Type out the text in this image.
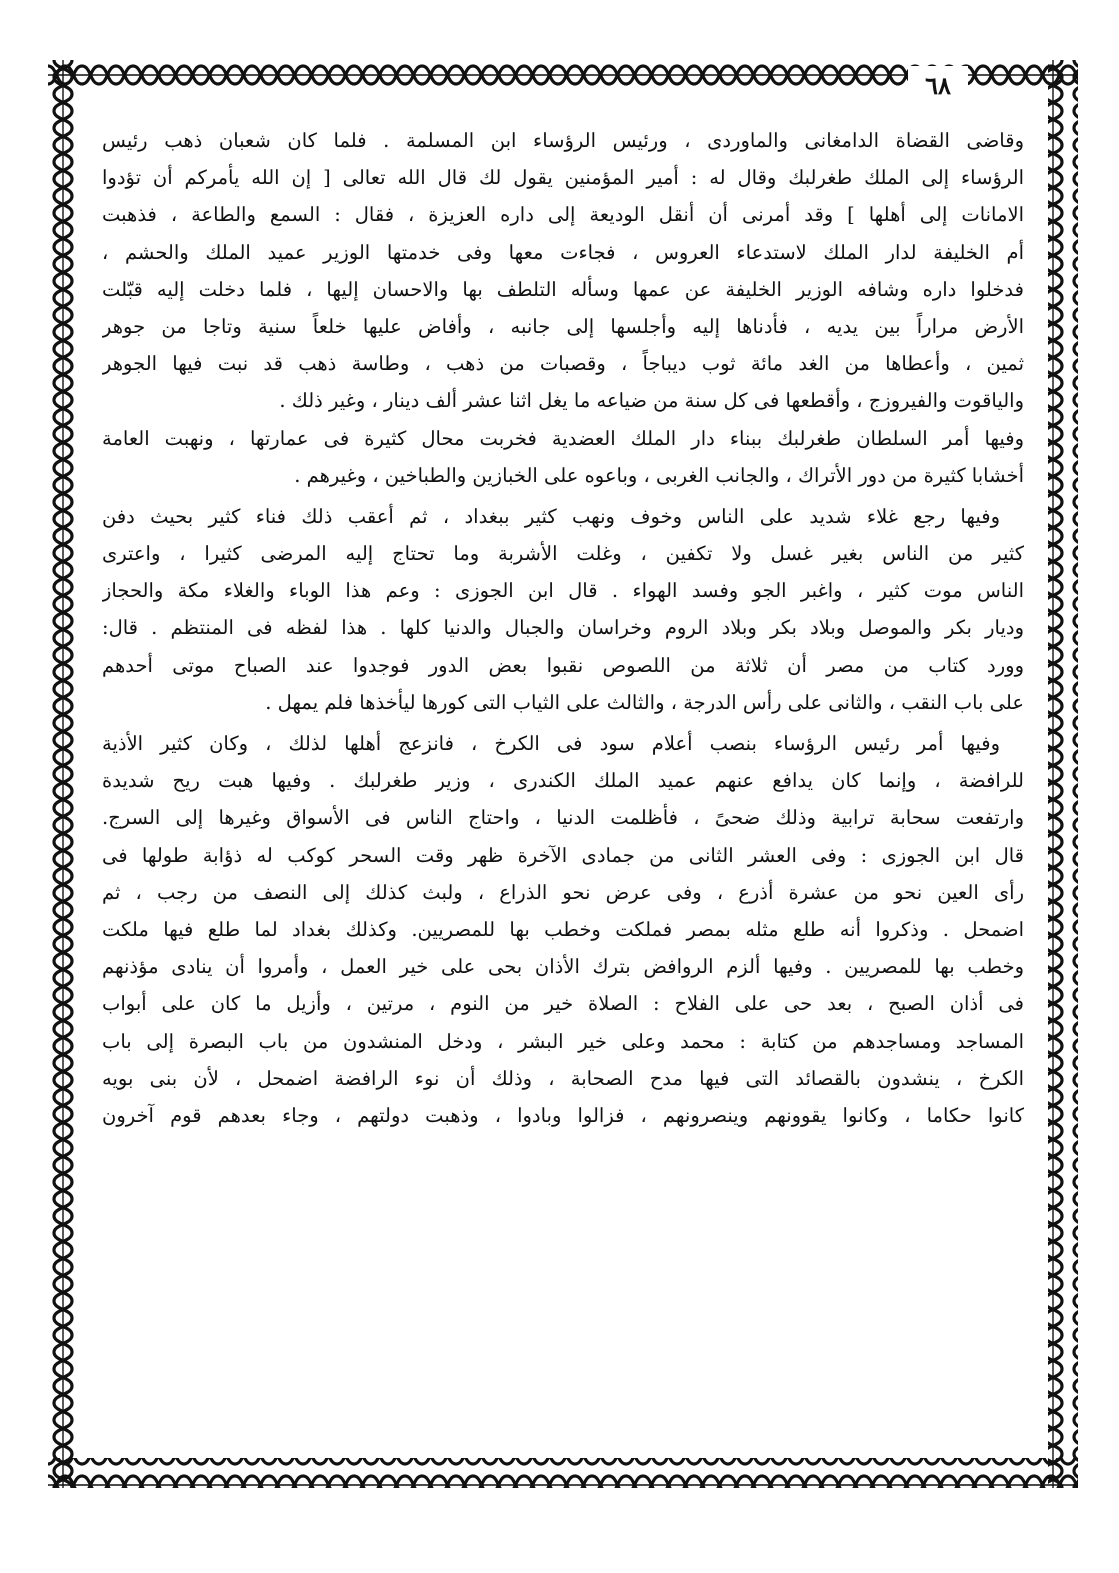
٦٨
وقاضى القضاة الدامغانى والماوردى ، ورئيس الرؤساء ابن المسلمة . فلما كان شعبان ذهب رئيس
الرؤساء إلى الملك طغرلبك وقال له : أمير المؤمنين يقول لك قال الله تعالى [ إن الله يأمركم أن تؤدوا
الامانات إلى أهلها ] وقد أمرنى أن أنقل الوديعة إلى داره العزيزة ، فقال : السمع والطاعة ، فذهبت
أم الخليفة لدار الملك لاستدعاء العروس ، فجاءت معها وفى خدمتها الوزير عميد الملك والحشم ،
فدخلوا داره وشافه الوزير الخليفة عن عمها وسأله التلطف بها والاحسان إليها ، فلما دخلت إليه قبّلت
الأرض مراراً بين يديه ، فأدناها إليه وأجلسها إلى جانبه ، وأفاض عليها خلعاً سنية وتاجا من جوهر
ثمين ، وأعطاها من الغد مائة ثوب ديباجاً ، وقصبات من ذهب ، وطاسة ذهب قد نبت فيها الجوهر
والياقوت والفيروزج ، وأقطعها فى كل سنة من ضياعه ما يغل اثنا عشر ألف دينار ، وغير ذلك .
وفيها أمر السلطان طغرلبك ببناء دار الملك العضدية فخربت محال كثيرة فى عمارتها ، ونهبت العامة
أخشابا كثيرة من دور الأتراك ، والجانب الغربى ، وباعوه على الخبازين والطباخين ، وغيرهم .
وفيها رجع غلاء شديد على الناس وخوف ونهب كثير ببغداد ، ثم أعقب ذلك فناء كثير بحيث دفن
كثير من الناس بغير غسل ولا تكفين ، وغلت الأشربة وما تحتاج إليه المرضى كثيرا ، واعترى
الناس موت كثير ، واغبر الجو وفسد الهواء . قال ابن الجوزى : وعم هذا الوباء والغلاء مكة والحجاز
وديار بكر والموصل وبلاد بكر وبلاد الروم وخراسان والجبال والدنيا كلها . هذا لفظه فى المنتظم . قال:
وورد كتاب من مصر أن ثلاثة من اللصوص نقبوا بعض الدور فوجدوا عند الصباح موتى أحدهم
على باب النقب ، والثانى على رأس الدرجة ، والثالث على الثياب التى كورها ليأخذها فلم يمهل .
وفيها أمر رئيس الرؤساء بنصب أعلام سود فى الكرخ ، فانزعج أهلها لذلك ، وكان كثير الأذية
للرافضة ، وإنما كان يدافع عنهم عميد الملك الكندرى ، وزير طغرلبك . وفيها هبت ريح شديدة
وارتفعت سحابة ترابية وذلك ضحىً ، فأظلمت الدنيا ، واحتاج الناس فى الأسواق وغيرها إلى السرج.
قال ابن الجوزى : وفى العشر الثانى من جمادى الآخرة ظهر وقت السحر كوكب له ذؤابة طولها فى
رأى العين نحو من عشرة أذرع ، وفى عرض نحو الذراع ، ولبث كذلك إلى النصف من رجب ، ثم
اضمحل . وذكروا أنه طلع مثله بمصر فملكت وخطب بها للمصريين. وكذلك بغداد لما طلع فيها ملكت
وخطب بها للمصريين . وفيها ألزم الروافض بترك الأذان بحى على خير العمل ، وأمروا أن ينادى مؤذنهم
فى أذان الصبح ، بعد حى على الفلاح : الصلاة خير من النوم ، مرتين ، وأزيل ما كان على أبواب
المساجد ومساجدهم من كتابة : محمد وعلى خير البشر ، ودخل المنشدون من باب البصرة إلى باب
الكرخ ، ينشدون بالقصائد التى فيها مدح الصحابة ، وذلك أن نوء الرافضة اضمحل ، لأن بنى بويه
كانوا حكاما ، وكانوا يقوونهم وينصرونهم ، فزالوا وبادوا ، وذهبت دولتهم ، وجاء بعدهم قوم آخرون
